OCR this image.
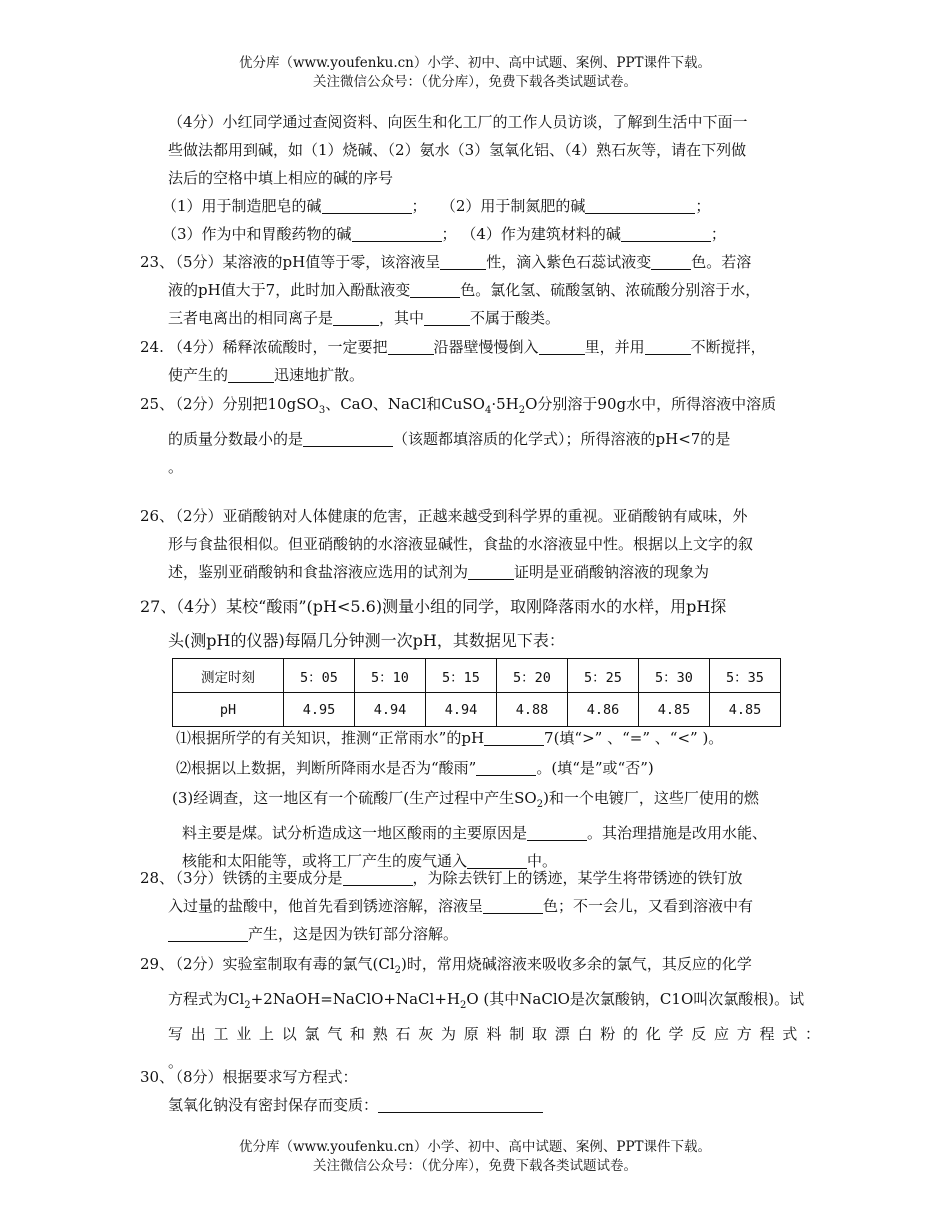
优分库（www.youfenku.cn）小学、初中、高中试题、案例、PPT课件下载。
关注微信公众号：（优分库），免费下载各类试题试卷。
（4分）小红同学通过查阅资料、向医生和化工厂的工作人员访谈，了解到生活中下面一
些做法都用到碱，如（1）烧碱、（2）氨水（3）氢氧化铝、（4）熟石灰等，请在下列做
法后的空格中填上相应的碱的序号
（1）用于制造肥皂的碱	； （2）用于制氮肥的碱	；
（3）作为中和胃酸药物的碱	； （4）作为建筑材料的碱	；
23、（5分）某溶液的pH值等于零，该溶液呈	性，滴入紫色石蕊试液变	色。若溶
液的pH值大于7，此时加入酚酞液变	色。氯化氢、硫酸氢钠、浓硫酸分别溶于水，
三者电离出的相同离子是	，其中	不属于酸类。
24. （4分）稀释浓硫酸时，一定要把	沿器壁慢慢倒入	里，并用	不断搅拌，
使产生的	迅速地扩散。
25、（2分）分别把10gSO$_3$、CaO、NaCl和$CuSO_4\cdot 5H_2O$分别溶于90g水中，所得溶液中溶质
的质量分数最小的是	（该题都填溶质的化学式）；所得溶液的pH<7的是
。
26、（2分）亚硝酸钠对人体健康的危害，正越来越受到科学界的重视。亚硝酸钠有咸味，外
形与食盐很相似。但亚硝酸钠的水溶液显碱性，食盐的水溶液显中性。根据以上文字的叙
述，鉴别亚硝酸钠和食盐溶液应选用的试剂为	证明是亚硝酸钠溶液的现象为
27、（4分）某校“酸雨”(pH<5.6)测量小组的同学，取刚降落雨水的水样，用pH探
头(测pH的仪器)每隔几分钟测一次pH，其数据见下表：
测定时刻	5：05	5：10	5：15	5：20	5：25	5：30	5：35
pH	4.95	4.94	4.94	4.88	4.86	4.85	4.85
⑴根据所学的有关知识，推测“正常雨水”的pH	7(填“>” 、“=” 、“<” )。
⑵根据以上数据，判断所降雨水是否为“酸雨”	。(填“是”或“否”)
(3)经调查，这一地区有一个硫酸厂(生产过程中产生$SO_2$)和一个电镀厂，这些厂使用的燃
料主要是煤。试分析造成这一地区酸雨的主要原因是	。其治理措施是改用水能、
核能和太阳能等，或将工厂产生的废气通入	中。
28、（3分）铁锈的主要成分是	，为除去铁钉上的锈迹，某学生将带锈迹的铁钉放
入过量的盐酸中，他首先看到锈迹溶解，溶液呈	色；不一会儿，又看到溶液中有
产生，这是因为铁钉部分溶解。
29、（2分）实验室制取有毒的氯气$(Cl_2)$时，常用烧碱溶液来吸收多余的氯气，其反应的化学
方程式为$Cl_2+2NaOH=NaClO+NaCl+H_2O$ (其中NaClO是次氯酸钠，C1O叫次氯酸根)。试
写出工业上以氯气和熟石灰为原料制取漂白粉的化学反应方程式：
。
30、（8分）根据要求写方程式：
氢氧化钠没有密封保存而变质：
优分库（www.youfenku.cn）小学、初中、高中试题、案例、PPT课件下载。
关注微信公众号：（优分库），免费下载各类试题试卷。
